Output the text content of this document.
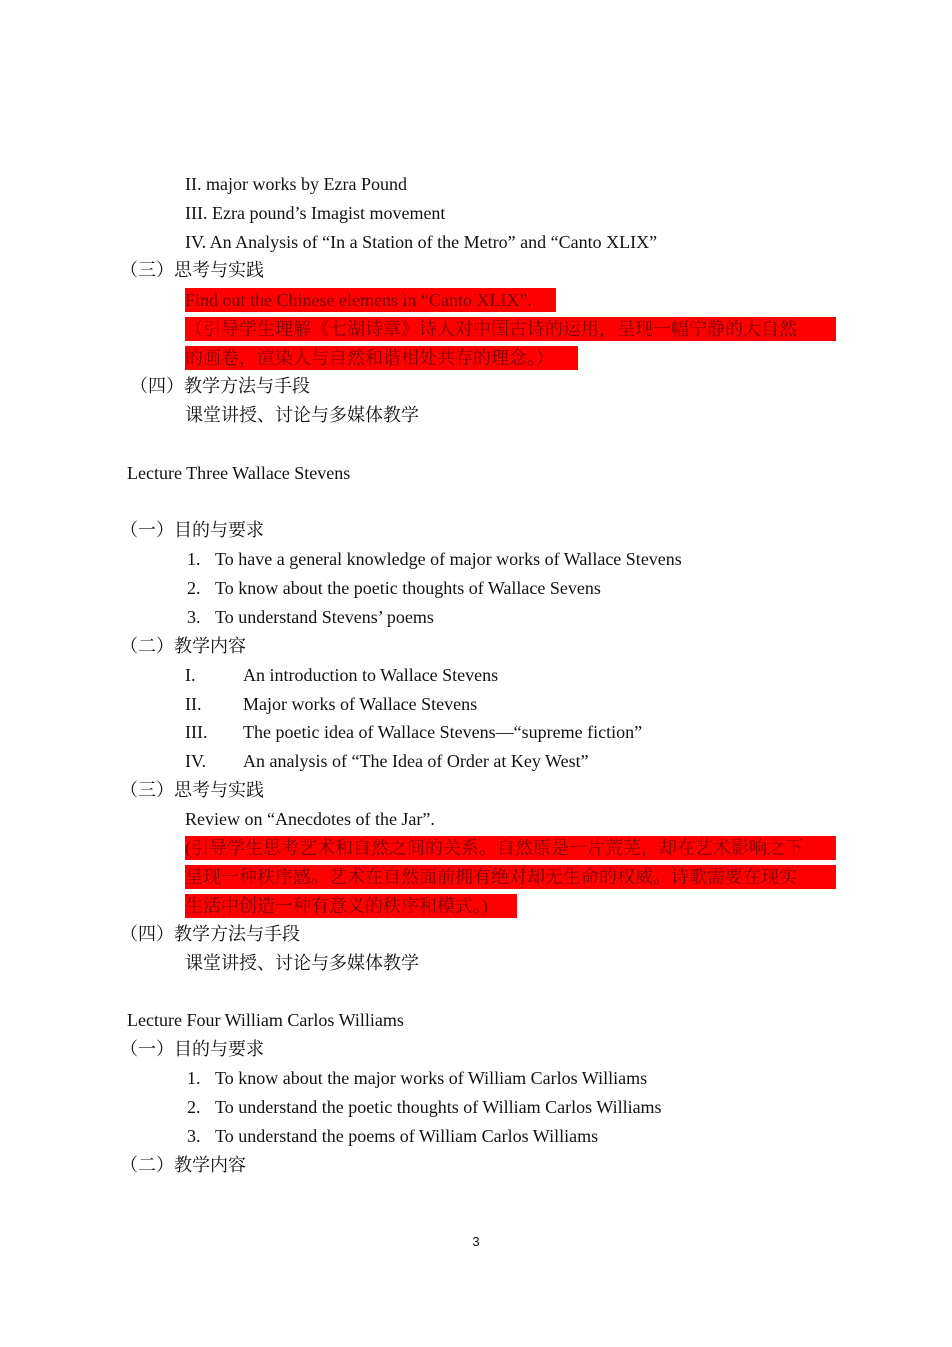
II. major works by Ezra Pound
III. Ezra pound’s Imagist movement
IV. An Analysis of “In a Station of the Metro” and “Canto XLIX”
（三）思考与实践
Find out the Chinese elemens in “Canto XLIX”.
（引导学生理解《七湖诗章》诗人对中国古诗的运用，呈现一幅宁静的大自然
的画卷，渲染人与自然和谐相处共存的理念。）
（四）教学方法与手段
课堂讲授、讨论与多媒体教学
Lecture Three Wallace Stevens
（一）目的与要求
1. To have a general knowledge of major works of Wallace Stevens
2. To know about the poetic thoughts of Wallace Sevens
3. To understand Stevens’ poems
（二）教学内容
I.	An introduction to Wallace Stevens
II. Major works of Wallace Stevens
III. The poetic idea of Wallace Stevens—“supreme fiction”
IV. An analysis of “The Idea of Order at Key West”
（三）思考与实践
Review on “Anecdotes of the Jar”.
(引导学生思考艺术和自然之间的关系。自然原是一片荒芜，却在艺术影响之下
呈现一种秩序感。艺术在自然面前拥有绝对却无生命的权威。诗歌需要在现实
生活中创造一种有意义的秩序和模式。)
（四）教学方法与手段
课堂讲授、讨论与多媒体教学
Lecture Four William Carlos Williams
（一）目的与要求
1. To know about the major works of William Carlos Williams
2. To understand the poetic thoughts of William Carlos Williams
3. To understand the poems of William Carlos Williams
（二）教学内容
3
